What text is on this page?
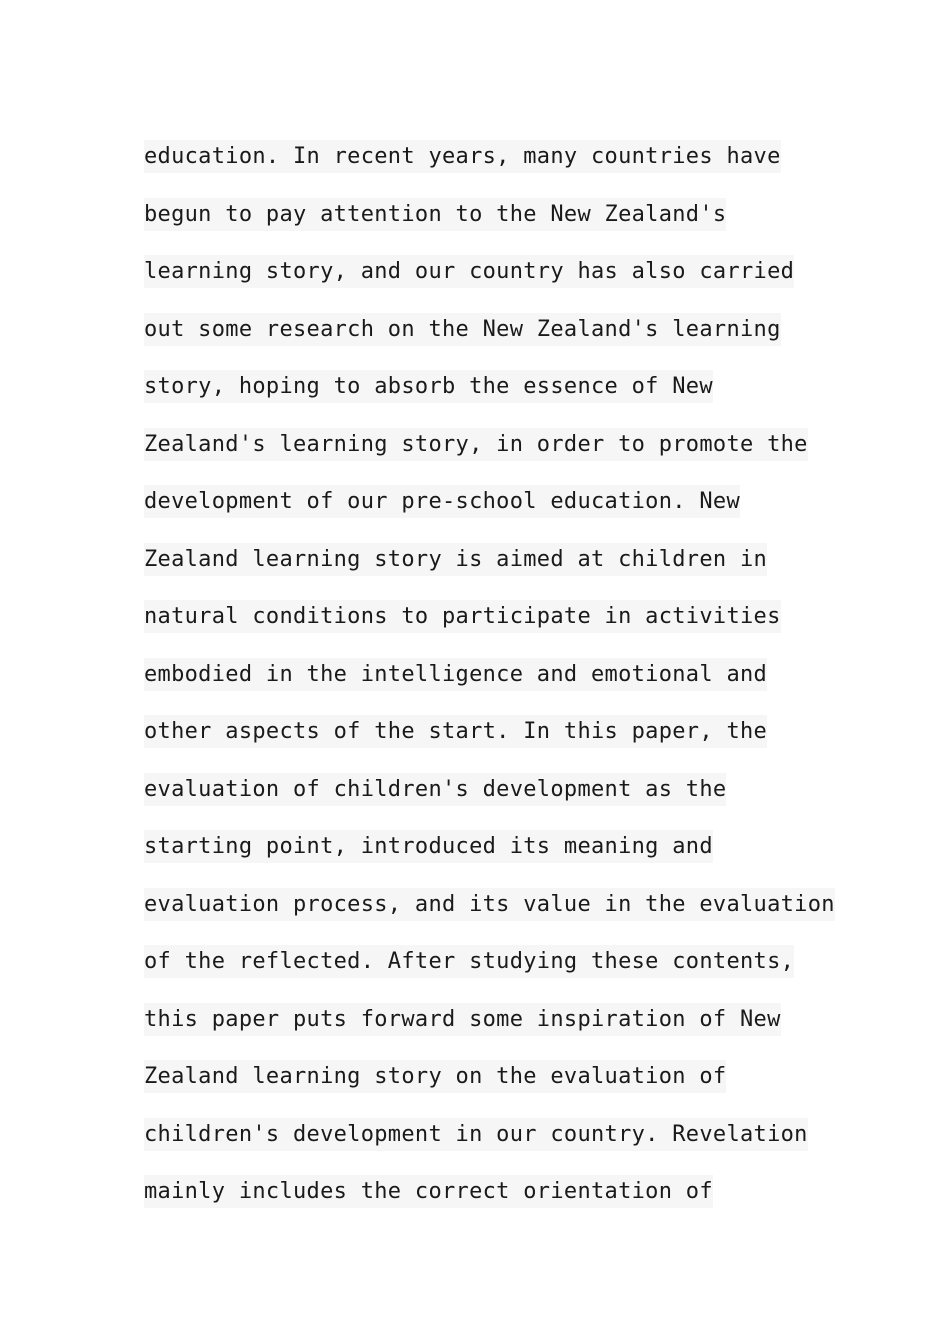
education. In recent years, many countries have
begun to pay attention to the New Zealand's
learning story, and our country has also carried
out some research on the New Zealand's learning
story, hoping to absorb the essence of New
Zealand's learning story, in order to promote the
development of our pre-school education. New
Zealand learning story is aimed at children in
natural conditions to participate in activities
embodied in the intelligence and emotional and
other aspects of the start. In this paper, the
evaluation of children's development as the
starting point, introduced its meaning and
evaluation process, and its value in the evaluation
of the reflected. After studying these contents,
this paper puts forward some inspiration of New
Zealand learning story on the evaluation of
children's development in our country. Revelation
mainly includes the correct orientation of
